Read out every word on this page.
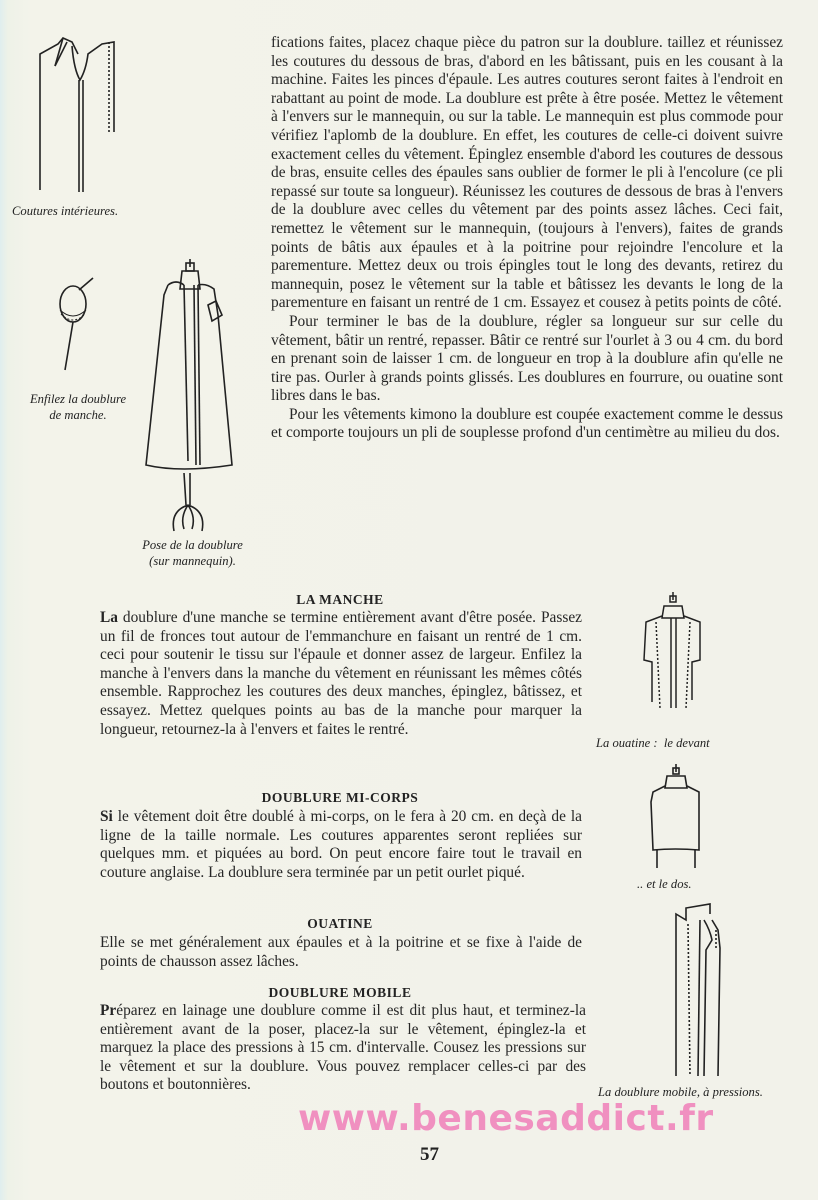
Coutures intérieures.
Enfilez la doublure
de manche.
Pose de la doublure
(sur mannequin).

fications faites, placez chaque pièce du patron sur la doublure. taillez et réunissez les coutures du dessous de bras, d'abord en les bâtissant, puis en les cousant à la machine. Faites les pinces d'épaule. Les autres coutures seront faites à l'endroit en rabattant au point de mode. La doublure est prête à être posée. Mettez le vêtement à l'envers sur le mannequin, ou sur la table. Le mannequin est plus commode pour vérifiez l'aplomb de la doublure. En effet, les coutures de celle-ci doivent suivre exactement celles du vêtement. Épinglez ensemble d'abord les coutures de dessous de bras, ensuite celles des épaules sans oublier de former le pli à l'encolure (ce pli repassé sur toute sa longueur). Réunissez les coutures de dessous de bras à l'envers de la doublure avec celles du vêtement par des points assez lâches. Ceci fait, remettez le vêtement sur le mannequin, (toujours à l'envers), faites de grands points de bâtis aux épaules et à la poitrine pour rejoindre l'encolure et la parementure. Mettez deux ou trois épingles tout le long des devants, retirez du mannequin, posez le vêtement sur la table et bâtissez les devants le long de la parementure en faisant un rentré de 1 cm. Essayez et cousez à petits points de côté.

Pour terminer le bas de la doublure, régler sa longueur sur sur celle du vêtement, bâtir un rentré, repasser. Bâtir ce rentré sur l'ourlet à 3 ou 4 cm. du bord en prenant soin de laisser 1 cm. de longueur en trop à la doublure afin qu'elle ne tire pas. Ourler à grands points glissés. Les doublures en fourrure, ou ouatine sont libres dans le bas.

Pour les vêtements kimono la doublure est coupée exactement comme le dessus et comporte toujours un pli de souplesse profond d'un centimètre au milieu du dos.

LA MANCHE

La doublure d'une manche se termine entièrement avant d'être posée. Passez un fil de fronces tout autour de l'emmanchure en faisant un rentré de 1 cm. ceci pour soutenir le tissu sur l'épaule et donner assez de largeur. Enfilez la manche à l'envers dans la manche du vêtement en réunissant les mêmes côtés ensemble. Rapprochez les coutures des deux manches, épinglez, bâtissez, et essayez. Mettez quelques points au bas de la manche pour marquer la longueur, retournez-la à l'envers et faites le rentré.

DOUBLURE MI-CORPS

Si le vêtement doit être doublé à mi-corps, on le fera à 20 cm. en deçà de la ligne de la taille normale. Les coutures apparentes seront repliées sur quelques mm. et piquées au bord. On peut encore faire tout le travail en couture anglaise. La doublure sera terminée par un petit ourlet piqué.

OUATINE

Elle se met généralement aux épaules et à la poitrine et se fixe à l'aide de points de chausson assez lâches.

DOUBLURE MOBILE

Préparez en lainage une doublure comme il est dit plus haut, et terminez-la entièrement avant de la poser, placez-la sur le vêtement, épinglez-la et marquez la place des pressions à 15 cm. d'intervalle. Cousez les pressions sur le vêtement et sur la doublure. Vous pouvez remplacer celles-ci par des boutons et boutonnières.

La ouatine :  le devant
.. et le dos.
La doublure mobile, à pressions.
www.benesaddict.fr
57
